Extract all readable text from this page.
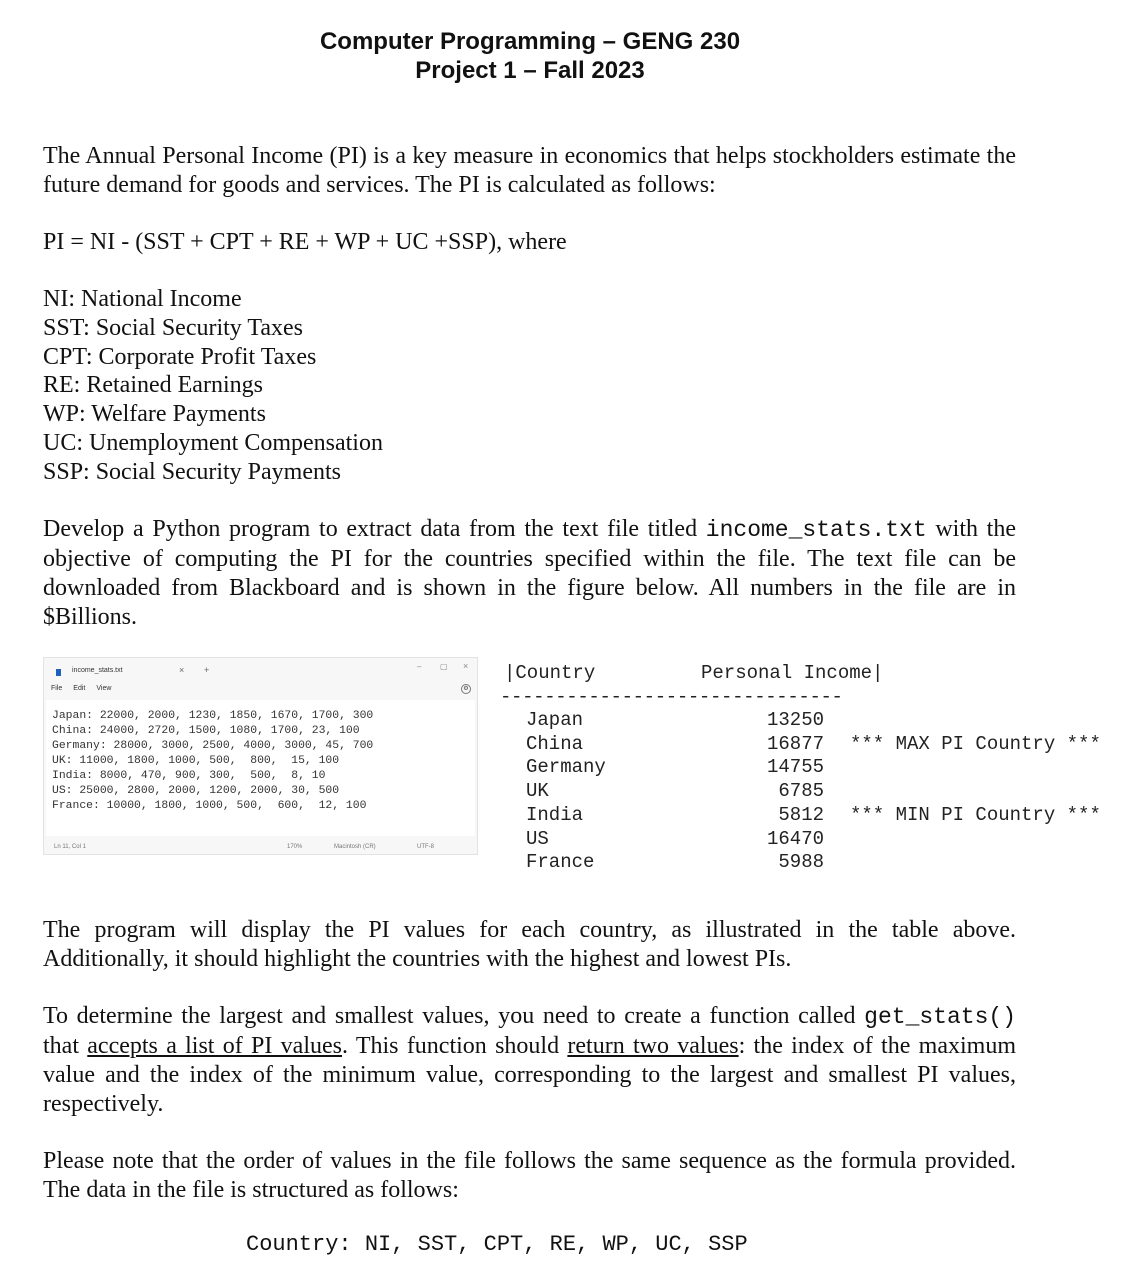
Computer Programming – GENG 230
Project 1 – Fall 2023

The Annual Personal Income (PI) is a key measure in economics that helps stockholders estimate the future demand for goods and services. The PI is calculated as follows:

PI = NI - (SST + CPT + RE + WP + UC +SSP), where

NI: National Income
SST: Social Security Taxes
CPT: Corporate Profit Taxes
RE: Retained Earnings
WP: Welfare Payments
UC: Unemployment Compensation
SSP: Social Security Payments

Develop a Python program to extract data from the text file titled income_stats.txt with the objective of computing the PI for the countries specified within the file. The text file can be downloaded from Blackboard and is shown in the figure below. All numbers in the file are in $Billions.

income_stats.txt	× +	– ▢ ×
File Edit View	⚙
Japan: 22000, 2000, 1230, 1850, 1670, 1700, 300
China: 24000, 2720, 1500, 1080, 1700, 23, 100
Germany: 28000, 3000, 2500, 4000, 3000, 45, 700
UK: 11000, 1800, 1000, 500,  800,  15, 100
India: 8000, 470, 900, 300,  500,  8, 10
US: 25000, 2800, 2000, 1200, 2000, 30, 500
France: 10000, 1800, 1000, 500,  600,  12, 100
Ln 11, Col 1	170%	Macintosh (CR)	UTF-8
|Country	Personal Income|
-------------------------------
Japan	13250
China	16877 *** MAX PI Country ***
Germany	14755
UK	6785
India	5812 *** MIN PI Country ***
US	16470
France	5988

The program will display the PI values for each country, as illustrated in the table above. Additionally, it should highlight the countries with the highest and lowest PIs.

To determine the largest and smallest values, you need to create a function called get_stats() that accepts a list of PI values. This function should return two values: the index of the maximum value and the index of the minimum value, corresponding to the largest and smallest PI values, respectively.

Please note that the order of values in the file follows the same sequence as the formula provided. The data in the file is structured as follows:

Country: NI, SST, CPT, RE, WP, UC, SSP
